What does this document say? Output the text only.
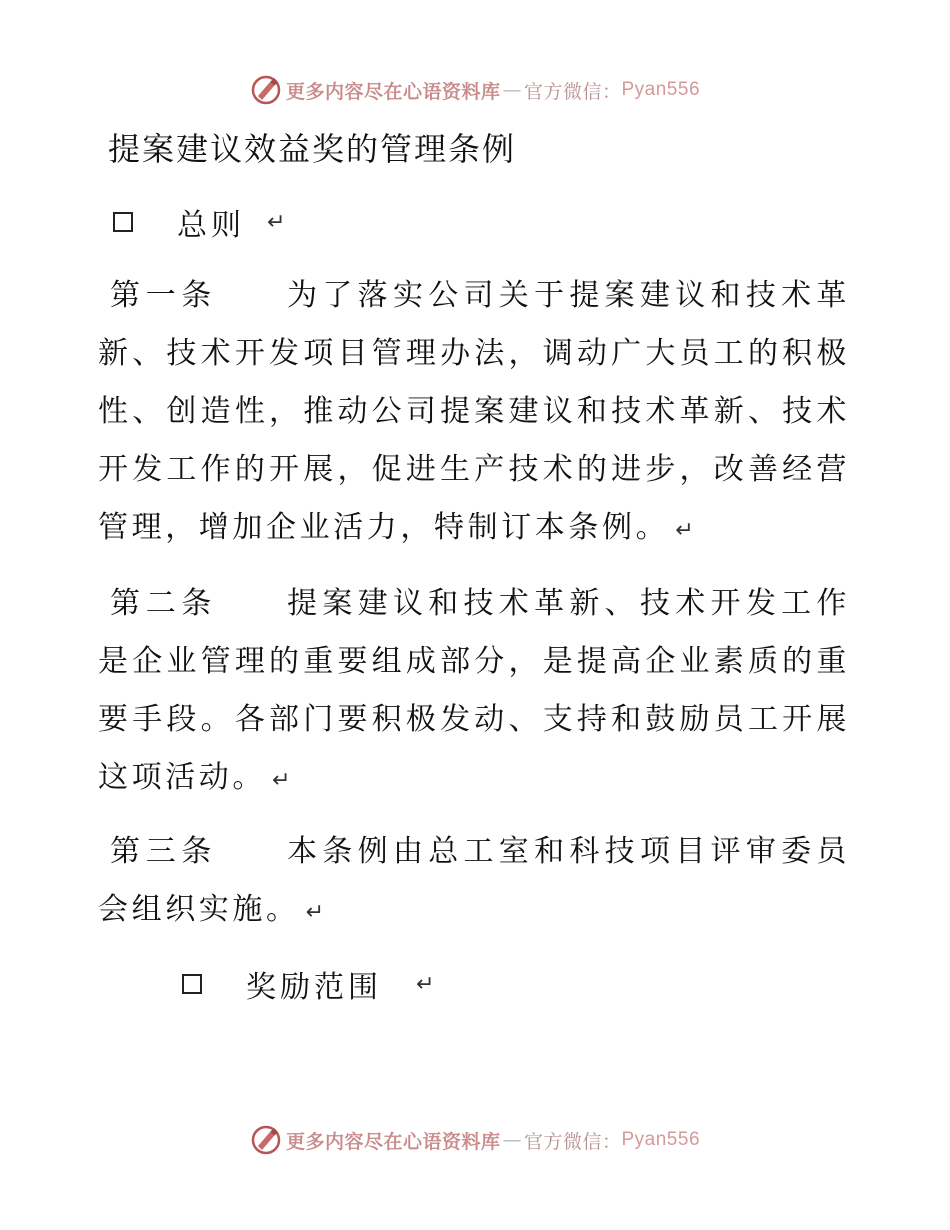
更多内容尽在心语资料库 — 官方微信： Pyan556
提案建议效益奖的管理条例
总则 ↵
第一条 为了落实公司关于提案建议和技术革新、技术开发项目管理办法，调动广大员工的积极性、创造性，推动公司提案建议和技术革新、技术开发工作的开展，促进生产技术的进步，改善经营管理，增加企业活力，特制订本条例。 ↵
第二条 提案建议和技术革新、技术开发工作是企业管理的重要组成部分，是提高企业素质的重要手段。各部门要积极发动、支持和鼓励员工开展这项活动。 ↵
第三条 本条例由总工室和科技项目评审委员会组织实施。 ↵
奖励范围 ↵
更多内容尽在心语资料库 — 官方微信： Pyan556
